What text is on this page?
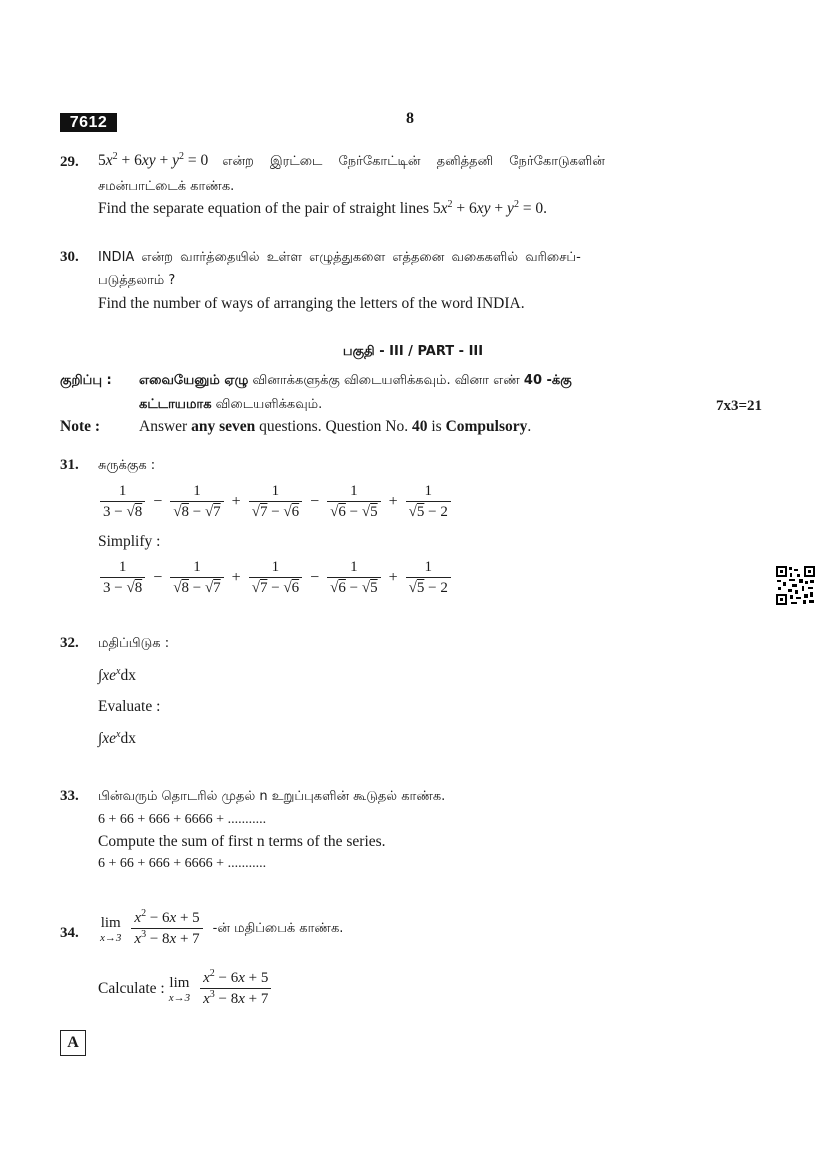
7612	8
29. $5x^2 + 6xy + y^2 = 0$ என்ற இரட்டை நேர்கோட்டின் தனித்தனி நேர்கோடுகளின்
சமன்பாட்டைக் காண்க.
Find the separate equation of the pair of straight lines $5x^2 + 6xy + y^2 = 0$.
30. INDIA என்ற வார்த்தையில் உள்ள எழுத்துகளை எத்தனை வகைகளில் வரிசைப்-
படுத்தலாம் ?
Find the number of ways of arranging the letters of the word INDIA.
பகுதி - III / PART - III
குறிப்பு : எவையேனும் ஏழு வினாக்களுக்கு விடையளிக்கவும். வினா எண் 40 -க்கு
கட்டாயமாக விடையளிக்கவும்.	7x3=21
Note :	Answer any seven questions. Question No. 40 is Compulsory.
31. சுருக்குக :
$\frac{1}{3 - √8} - \frac{1}{√8 - √7} + \frac{1}{√7 - √6} - \frac{1}{√6 - √5} + \frac{1}{√5 - 2}$
Simplify :
$\frac{1}{3 - √8} - \frac{1}{√8 - √7} + \frac{1}{√7 - √6} - \frac{1}{√6 - √5} + \frac{1}{√5 - 2}$
32. மதிப்பிடுக :
$\int xe^xdx$
Evaluate :
$\int xe^xdx$
33. பின்வரும் தொடரில் முதல் n உறுப்புகளின் கூடுதல் காண்க.
6 + 66 + 666 + 6666 + ...........
Compute the sum of first n terms of the series.
6 + 66 + 666 + 6666 + ...........
34.
lim
x→3
$\frac{x^2 - 6x + 5}{x^3 - 8x + 7}$ -ன் மதிப்பைக் காண்க.
Calculate : lim
x→3
$\frac{x^2 - 6x + 5}{x^3 - 8x + 7}$
A
